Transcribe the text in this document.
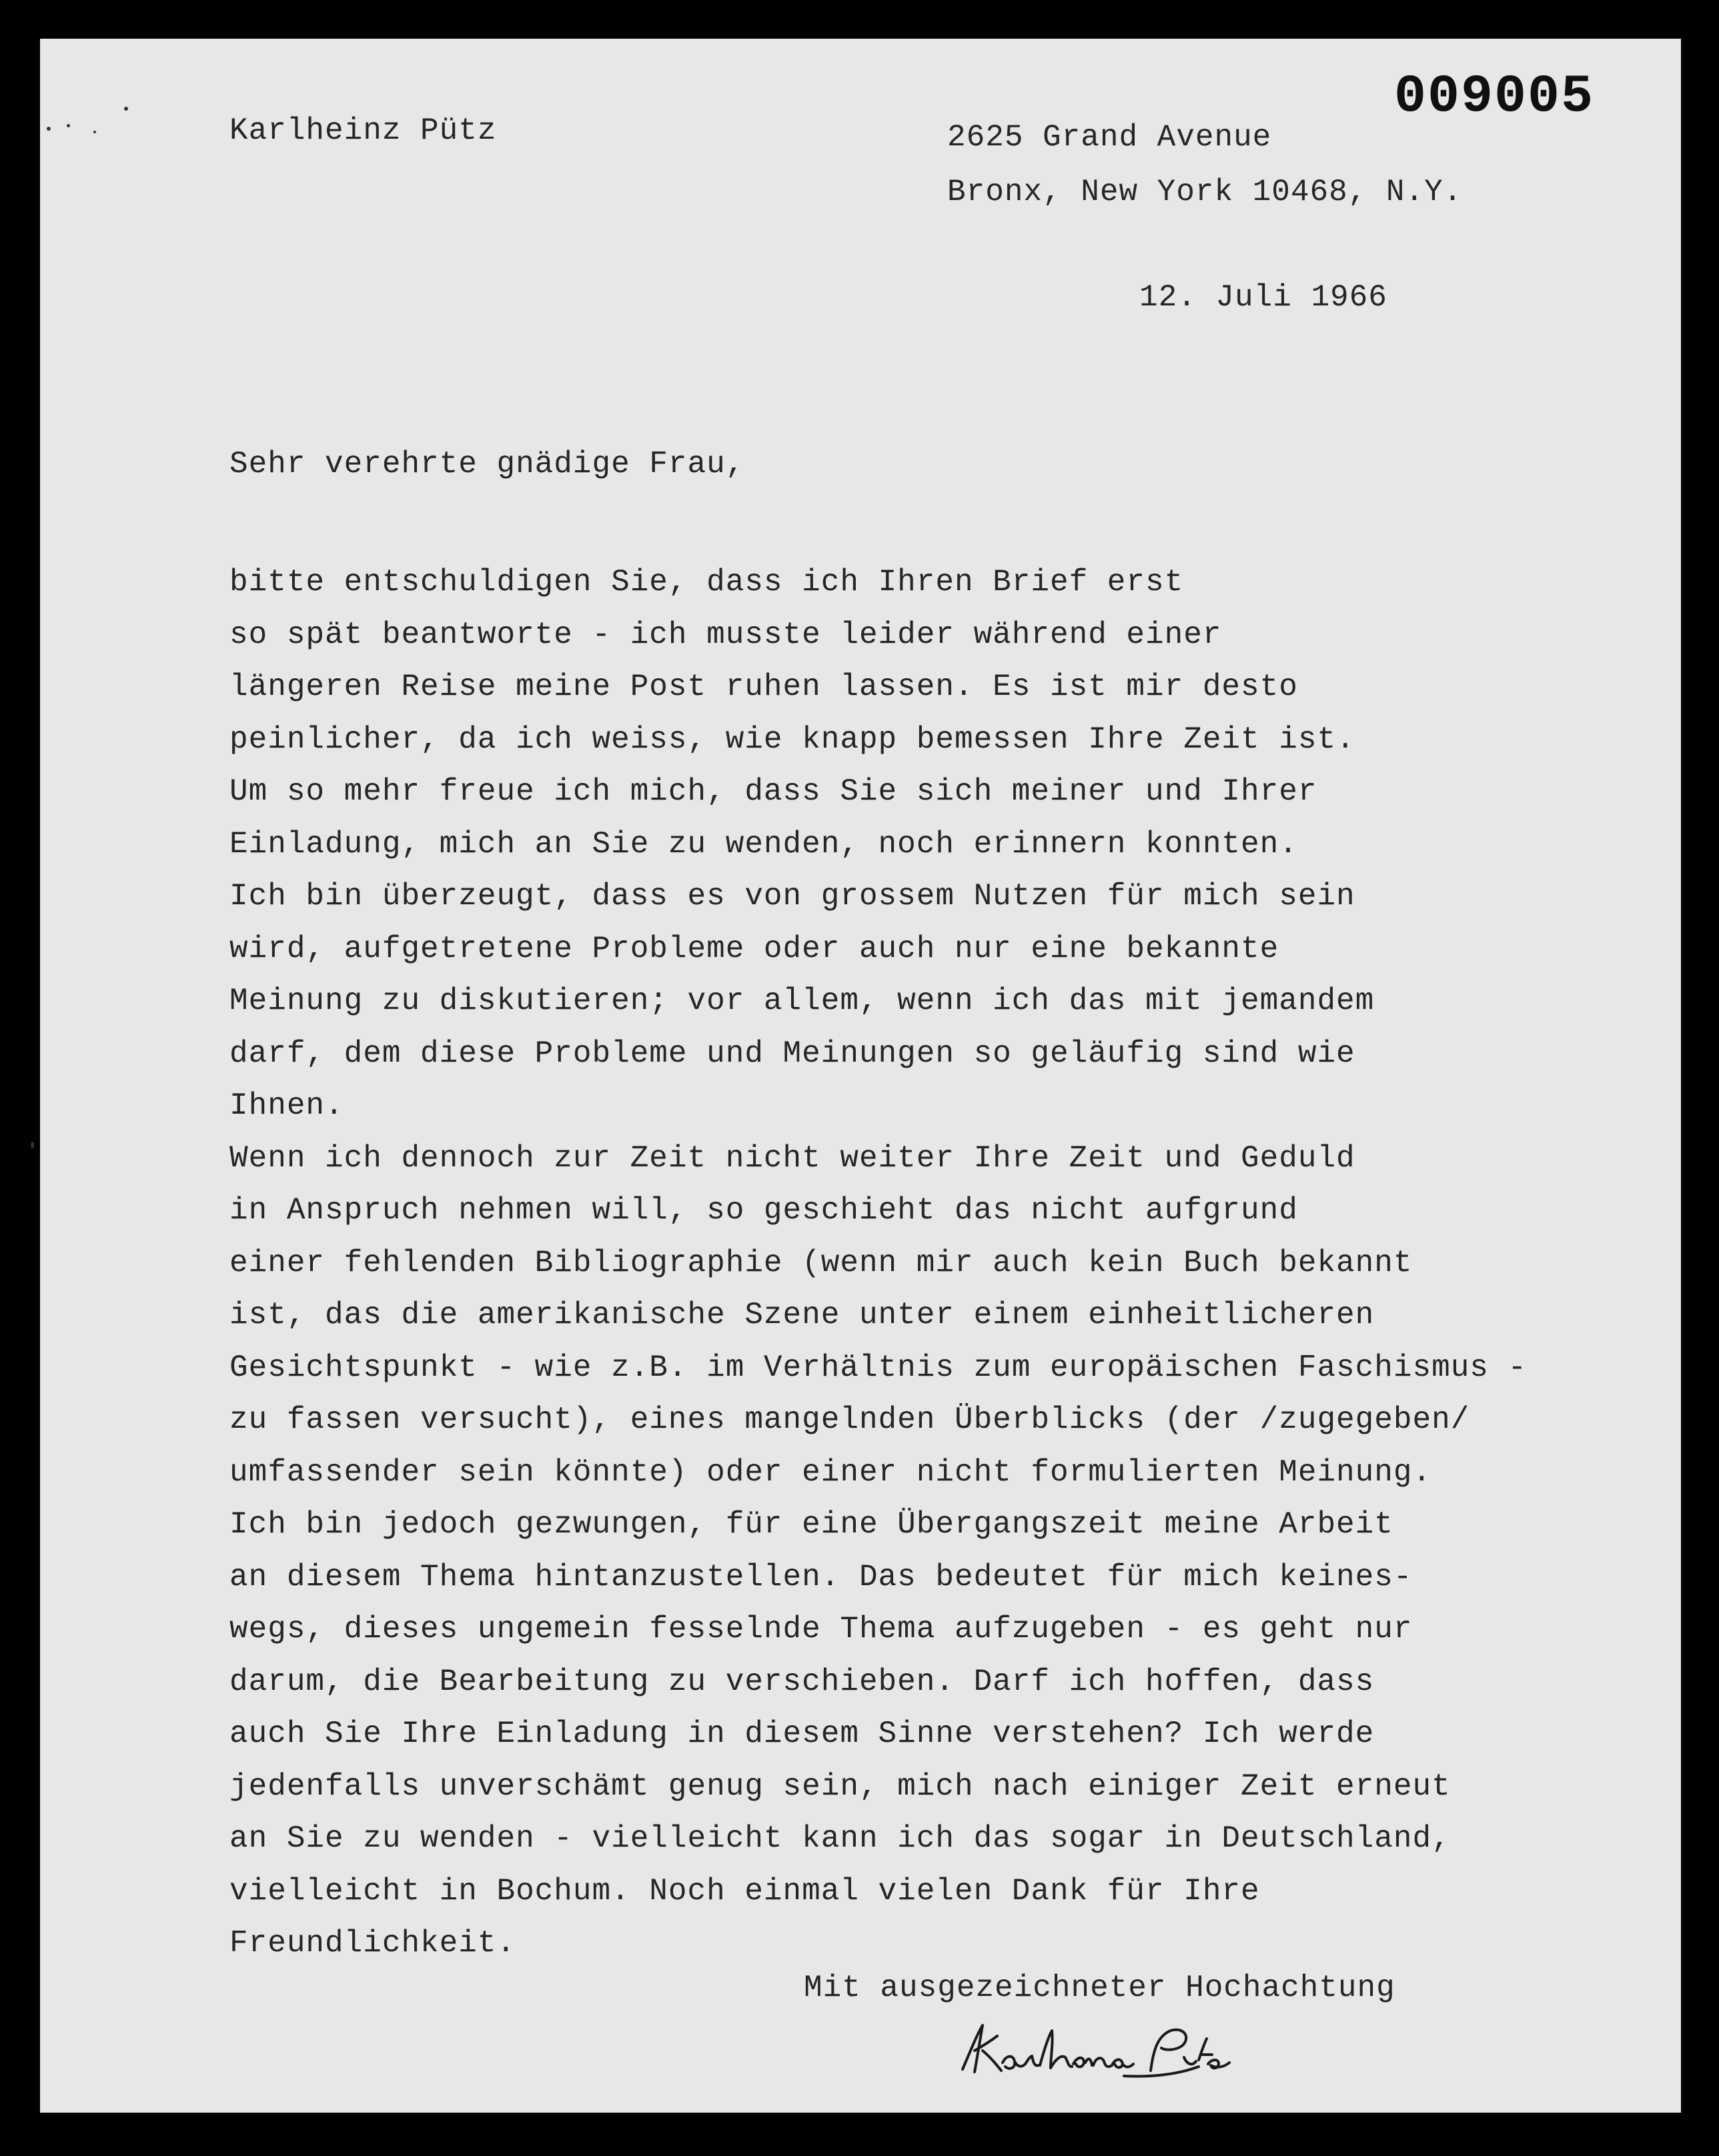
009005

Karlheinz Pütz	2625 Grand Avenue

Bronx, New York 10468, N.Y.

12. Juli 1966

Sehr verehrte gnädige Frau,

bitte entschuldigen Sie, dass ich Ihren Brief erst
so spät beantworte - ich musste leider während einer
längeren Reise meine Post ruhen lassen. Es ist mir desto
peinlicher, da ich weiss, wie knapp bemessen Ihre Zeit ist.
Um so mehr freue ich mich, dass Sie sich meiner und Ihrer
Einladung, mich an Sie zu wenden, noch erinnern konnten.
Ich bin überzeugt, dass es von grossem Nutzen für mich sein
wird, aufgetretene Probleme oder auch nur eine bekannte
Meinung zu diskutieren; vor allem, wenn ich das mit jemandem
darf, dem diese Probleme und Meinungen so geläufig sind wie
Ihnen.
Wenn ich dennoch zur Zeit nicht weiter Ihre Zeit und Geduld
in Anspruch nehmen will, so geschieht das nicht aufgrund
einer fehlenden Bibliographie (wenn mir auch kein Buch bekannt
ist, das die amerikanische Szene unter einem einheitlicheren
Gesichtspunkt - wie z.B. im Verhältnis zum europäischen Faschismus -
zu fassen versucht), eines mangelnden Überblicks (der /zugegeben/
umfassender sein könnte) oder einer nicht formulierten Meinung.
Ich bin jedoch gezwungen, für eine Übergangszeit meine Arbeit
an diesem Thema hintanzustellen. Das bedeutet für mich keines-
wegs, dieses ungemein fesselnde Thema aufzugeben - es geht nur
darum, die Bearbeitung zu verschieben. Darf ich hoffen, dass
auch Sie Ihre Einladung in diesem Sinne verstehen? Ich werde
jedenfalls unverschämt genug sein, mich nach einiger Zeit erneut
an Sie zu wenden - vielleicht kann ich das sogar in Deutschland,
vielleicht in Bochum. Noch einmal vielen Dank für Ihre
Freundlichkeit.

Mit ausgezeichneter Hochachtung
